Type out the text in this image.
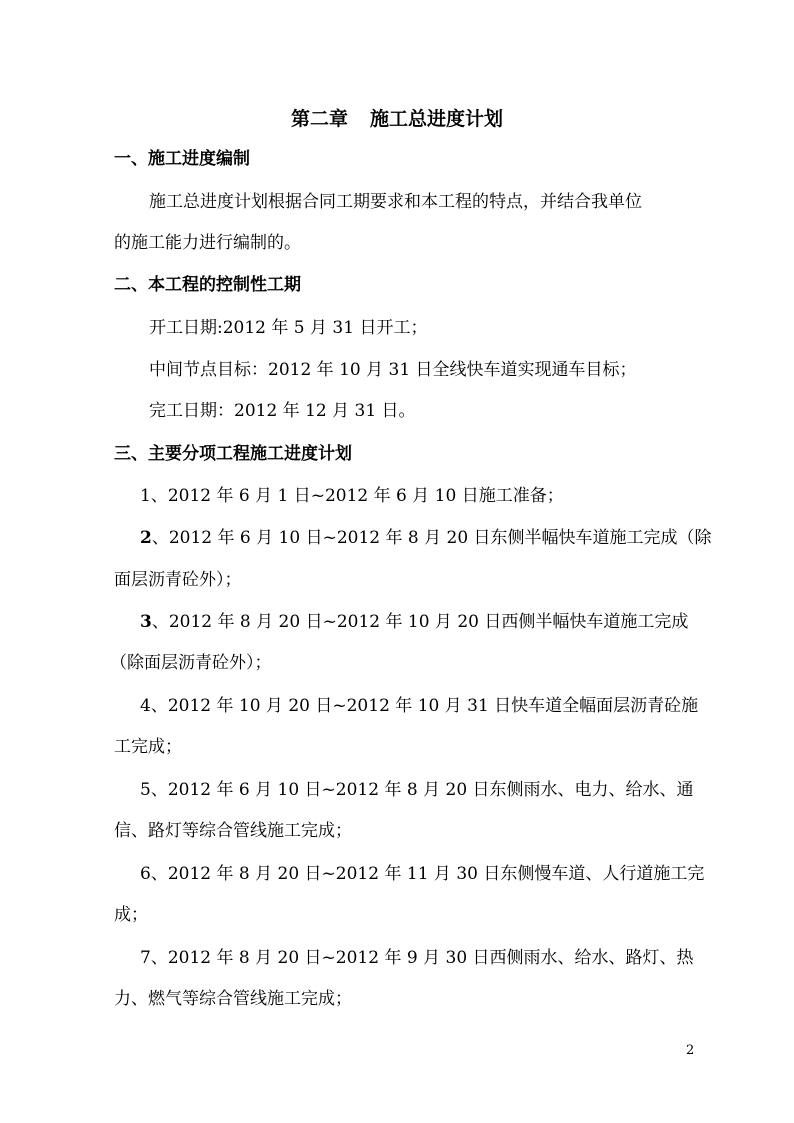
第二章 施工总进度计划

一、施工进度编制

施工总进度计划根据合同工期要求和本工程的特点，并结合我单位

的施工能力进行编制的。

二、本工程的控制性工期

开工日期:2012 年 5 月 31 日开工；

中间节点目标：2012 年 10 月 31 日全线快车道实现通车目标；

完工日期：2012 年 12 月 31 日。

三、主要分项工程施工进度计划

1、2012 年 6 月 1 日~2012 年 6 月 10 日施工准备；

2、2012 年 6 月 10 日~2012 年 8 月 20 日东侧半幅快车道施工完成（除

面层沥青砼外）；

3、2012 年 8 月 20 日~2012 年 10 月 20 日西侧半幅快车道施工完成

（除面层沥青砼外）；

4、2012 年 10 月 20 日~2012 年 10 月 31 日快车道全幅面层沥青砼施

工完成；

5、2012 年 6 月 10 日~2012 年 8 月 20 日东侧雨水、电力、给水、通

信、路灯等综合管线施工完成；

6、2012 年 8 月 20 日~2012 年 11 月 30 日东侧慢车道、人行道施工完

成；

7、2012 年 8 月 20 日~2012 年 9 月 30 日西侧雨水、给水、路灯、热

力、燃气等综合管线施工完成；

2
